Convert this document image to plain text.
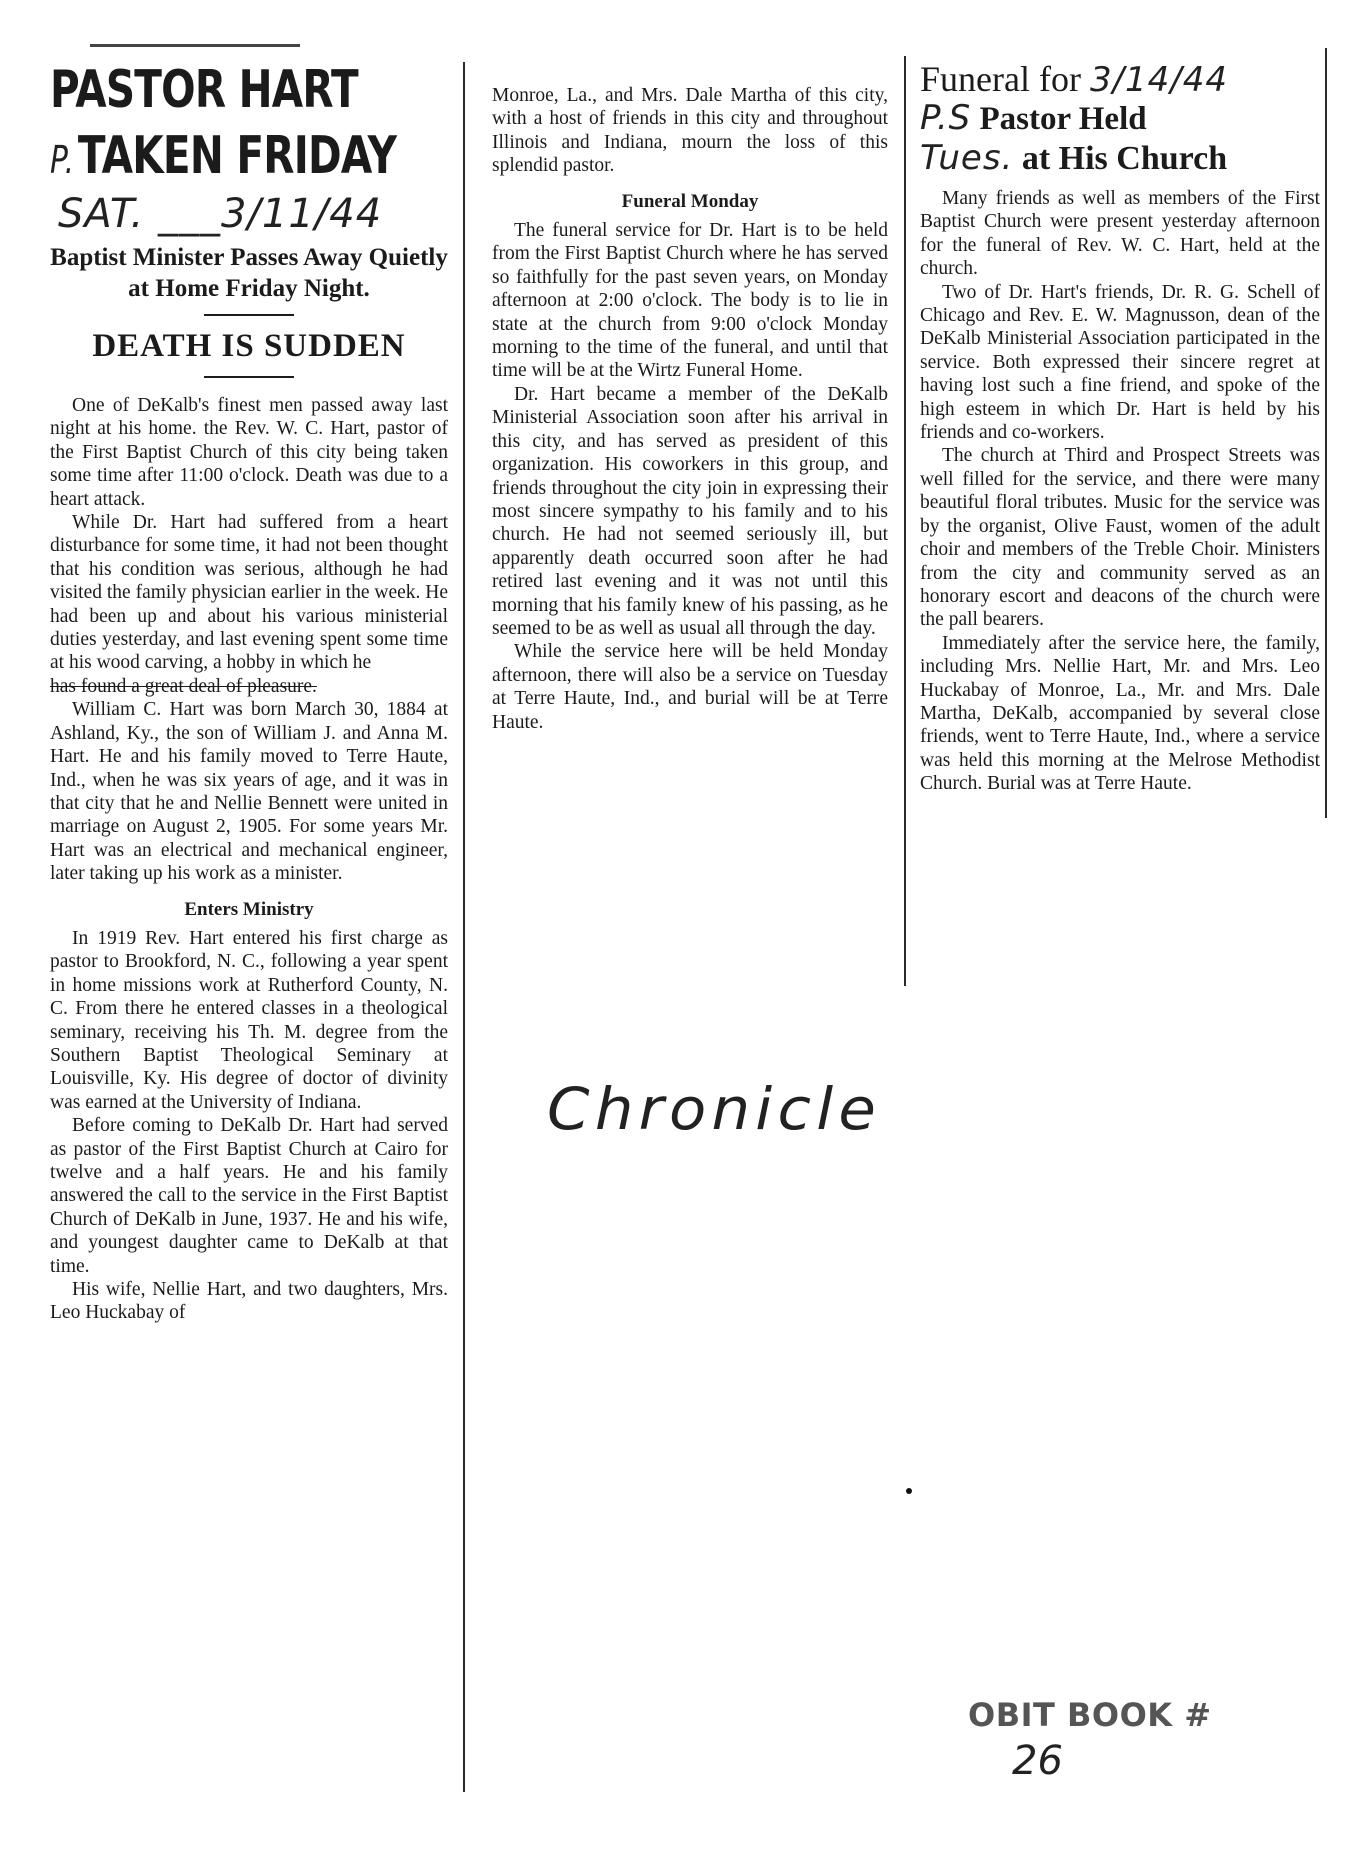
PASTOR HART
P.TAKEN FRIDAY
SAT. ___3/11/44
Baptist Minister Passes Away Quietly at Home Friday Night.
DEATH IS SUDDEN

One of DeKalb's finest men passed away last night at his home. the Rev. W. C. Hart, pastor of the First Baptist Church of this city being taken some time after 11:00 o'clock. Death was due to a heart attack.

While Dr. Hart had suffered from a heart disturbance for some time, it had not been thought that his condition was serious, although he had visited the family physician earlier in the week. He had been up and about his various ministerial duties yesterday, and last evening spent some time at his wood carving, a hobby in which he

has found a great deal of pleasure.

William C. Hart was born March 30, 1884 at Ashland, Ky., the son of William J. and Anna M. Hart. He and his family moved to Terre Haute, Ind., when he was six years of age, and it was in that city that he and Nellie Bennett were united in marriage on August 2, 1905. For some years Mr. Hart was an electrical and mechanical engineer, later taking up his work as a minister.

Enters Ministry

In 1919 Rev. Hart entered his first charge as pastor to Brookford, N. C., following a year spent in home missions work at Rutherford County, N. C. From there he entered classes in a theological seminary, receiving his Th. M. degree from the Southern Baptist Theological Seminary at Louisville, Ky. His degree of doctor of divinity was earned at the University of Indiana.

Before coming to DeKalb Dr. Hart had served as pastor of the First Baptist Church at Cairo for twelve and a half years. He and his family answered the call to the service in the First Baptist Church of DeKalb in June, 1937. He and his wife, and youngest daughter came to DeKalb at that time.

His wife, Nellie Hart, and two daughters, Mrs. Leo Huckabay of

Monroe, La., and Mrs. Dale Martha of this city, with a host of friends in this city and throughout Illinois and Indiana, mourn the loss of this splendid pastor.

Funeral Monday

The funeral service for Dr. Hart is to be held from the First Baptist Church where he has served so faithfully for the past seven years, on Monday afternoon at 2:00 o'clock. The body is to lie in state at the church from 9:00 o'clock Monday morning to the time of the funeral, and until that time will be at the Wirtz Funeral Home.

Dr. Hart became a member of the DeKalb Ministerial Association soon after his arrival in this city, and has served as president of this organization. His coworkers in this group, and friends throughout the city join in expressing their most sincere sympathy to his family and to his church. He had not seemed seriously ill, but apparently death occurred soon after he had retired last evening and it was not until this morning that his family knew of his passing, as he seemed to be as well as usual all through the day.

While the service here will be held Monday afternoon, there will also be a service on Tuesday at Terre Haute, Ind., and burial will be at Terre Haute.

Funeral for 3/14/44
P.S Pastor Held
Tues. at His Church

Many friends as well as members of the First Baptist Church were present yesterday afternoon for the funeral of Rev. W. C. Hart, held at the church.

Two of Dr. Hart's friends, Dr. R. G. Schell of Chicago and Rev. E. W. Magnusson, dean of the DeKalb Ministerial Association participated in the service. Both expressed their sincere regret at having lost such a fine friend, and spoke of the high esteem in which Dr. Hart is held by his friends and co-workers.

The church at Third and Prospect Streets was well filled for the service, and there were many beautiful floral tributes. Music for the service was by the organist, Olive Faust, women of the adult choir and members of the Treble Choir. Ministers from the city and community served as an honorary escort and deacons of the church were the pall bearers.

Immediately after the service here, the family, including Mrs. Nellie Hart, Mr. and Mrs. Leo Huckabay of Monroe, La., Mr. and Mrs. Dale Martha, DeKalb, accompanied by several close friends, went to Terre Haute, Ind., where a service was held this morning at the Melrose Methodist Church. Burial was at Terre Haute.

Chronicle
OBIT BOOK #
26
